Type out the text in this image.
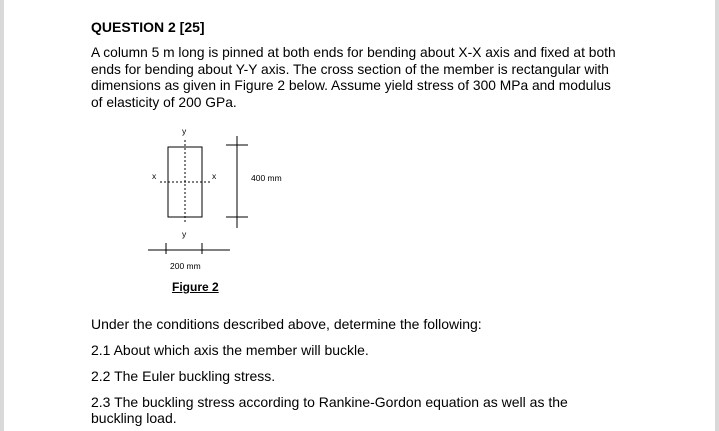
QUESTION 2 [25]
A column 5 m long is pinned at both ends for bending about X-X axis and fixed at both
ends for bending about Y-Y axis. The cross section of the member is rectangular with
dimensions as given in Figure 2 below. Assume yield stress of 300 MPa and modulus
of elasticity of 200 GPa.
y
y
x	x	400 mm
200 mm
Figure 2
Under the conditions described above, determine the following:
2.1 About which axis the member will buckle.
2.2 The Euler buckling stress.
2.3 The buckling stress according to Rankine-Gordon equation as well as the
buckling load.
